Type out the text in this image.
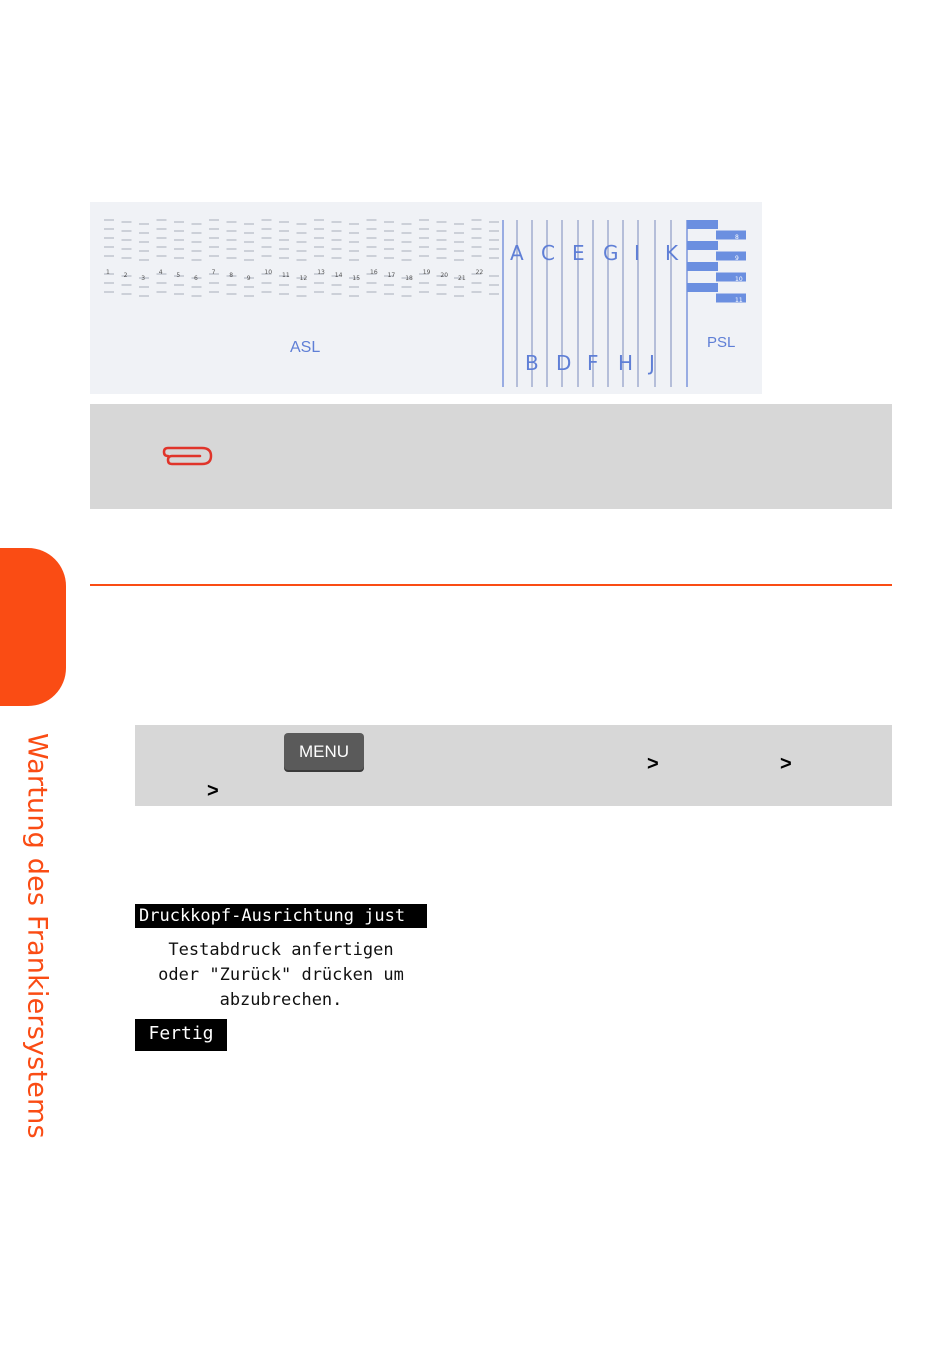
1 2 3
4 5 6
7 8 9
10 11 12
13 14 15
16 17 18
19 20 21
22
ASL
A C E G I K
B D F H J
8
9
10
11
PSL
Wartung des Frankiersystems	MENU
>	>
>
Druckkopf-Ausrichtung just
Testabdruck anfertigen
oder "Zurück" drücken um
abzubrechen.
Fertig
